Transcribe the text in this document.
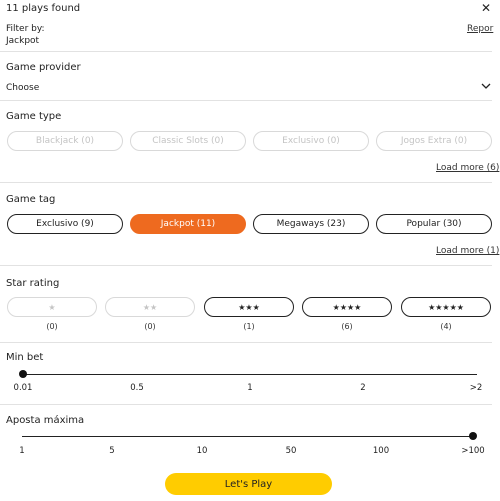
11 plays found	✕
Filter by:
Jackpot
Repor
Game provider
Choose
Game type
Blackjack (0)	Classic Slots (0)	Exclusivo (0)	Jogos Extra (0)
Load more (6)
Game tag
Exclusivo (9)	Jackpot (11)	Megaways (23)	Popular (30)
Load more (1)
Star rating
★	★★	★★★	★★★★	★★★★★
(0)	(0)	(1)	(6)	(4)
Min bet
0.01	0.5	1	2	>2
Aposta máxima
1	5	10	50	100	>100
Let's Play
